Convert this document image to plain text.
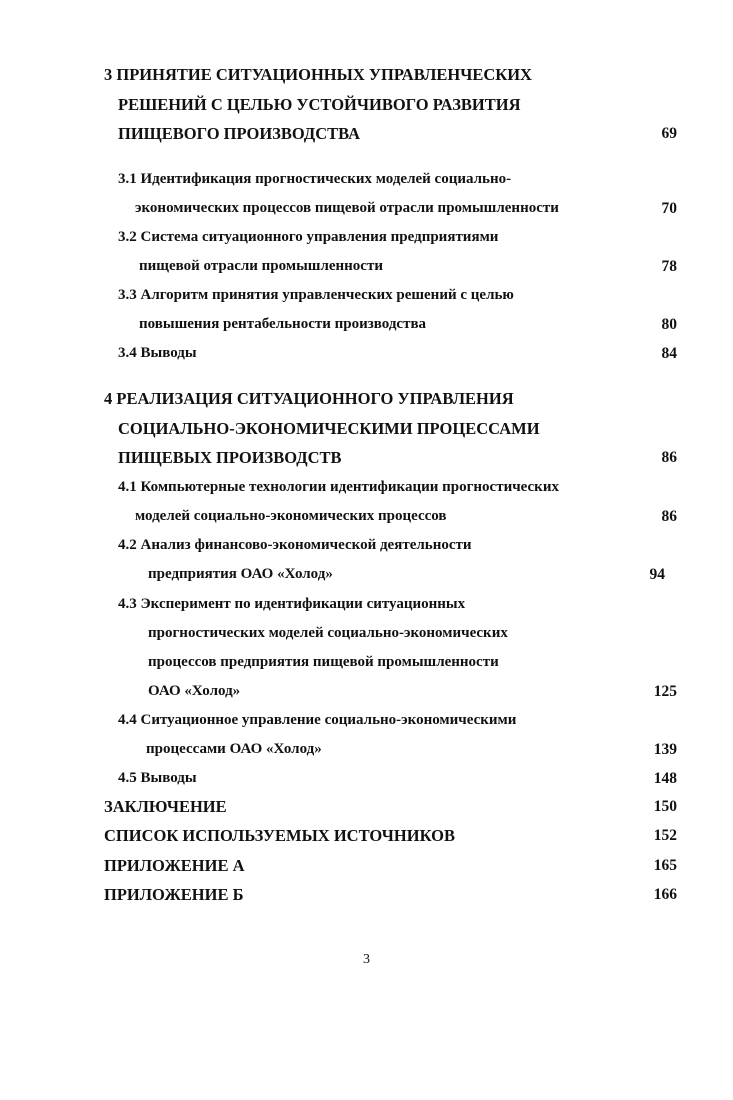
3 ПРИНЯТИЕ СИТУАЦИОННЫХ УПРАВЛЕНЧЕСКИХ
РЕШЕНИЙ С ЦЕЛЬЮ УСТОЙЧИВОГО РАЗВИТИЯ
ПИЩЕВОГО ПРОИЗВОДСТВА	69
3.1 Идентификация прогностических моделей социально-
экономических процессов пищевой отрасли промышленности	70
3.2 Система ситуационного управления предприятиями
пищевой отрасли промышленности	78
3.3 Алгоритм принятия управленческих решений с целью
повышения рентабельности производства	80
3.4 Выводы	84
4 РЕАЛИЗАЦИЯ СИТУАЦИОННОГО УПРАВЛЕНИЯ
СОЦИАЛЬНО-ЭКОНОМИЧЕСКИМИ ПРОЦЕССАМИ
ПИЩЕВЫХ ПРОИЗВОДСТВ	86
4.1 Компьютерные технологии идентификации прогностических
моделей социально-экономических процессов	86
4.2 Анализ финансово-экономической деятельности
предприятия ОАО «Холод»	94
4.3 Эксперимент по идентификации ситуационных
прогностических моделей социально-экономических
процессов предприятия пищевой промышленности
ОАО «Холод»	125
4.4 Ситуационное управление социально-экономическими
процессами ОАО «Холод»	139
4.5 Выводы	148
ЗАКЛЮЧЕНИЕ	150
СПИСОК ИСПОЛЬЗУЕМЫХ ИСТОЧНИКОВ	152
ПРИЛОЖЕНИЕ А	165
ПРИЛОЖЕНИЕ Б	166
3
